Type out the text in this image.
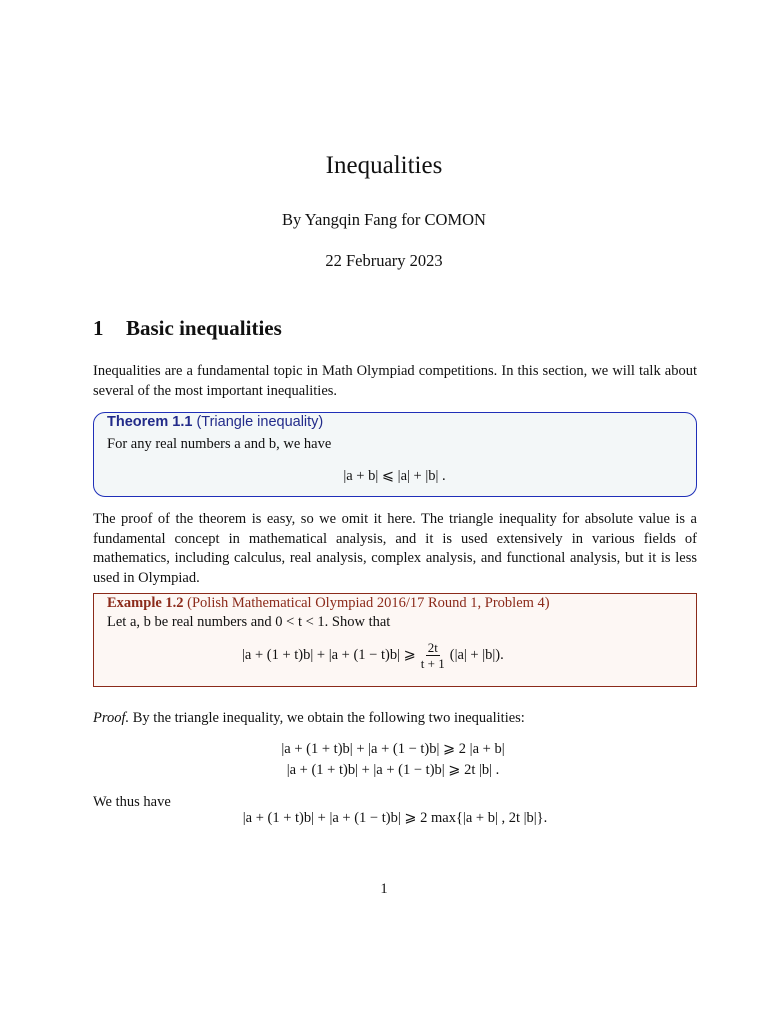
Inequalities
By Yangqin Fang for COMON
22 February 2023
1 Basic inequalities
Inequalities are a fundamental topic in Math Olympiad competitions. In this section, we will talk about several of the most important inequalities.
Theorem 1.1 (Triangle inequality)
For any real numbers a and b, we have
|a + b| ⩽ |a| + |b| .
The proof of the theorem is easy, so we omit it here. The triangle inequality for absolute value is a fundamental concept in mathematical analysis, and it is used extensively in various fields of mathematics, including calculus, real analysis, complex analysis, and functional analysis, but it is less used in Olympiad.
Example 1.2 (Polish Mathematical Olympiad 2016/17 Round 1, Problem 4)
Let a, b be real numbers and 0 < t < 1. Show that
|a + (1 + t)b| + |a + (1 − t)b| ⩾ $\frac{2t}{t + 1} (|a| + |b|)$.
Proof. By the triangle inequality, we obtain the following two inequalities:
|a + (1 + t)b| + |a + (1 − t)b| ⩾ 2 |a + b|
|a + (1 + t)b| + |a + (1 − t)b| ⩾ 2t |b| .
We thus have
|a + (1 + t)b| + |a + (1 − t)b| ⩾ 2 max{|a + b| , 2t |b|}.
1
